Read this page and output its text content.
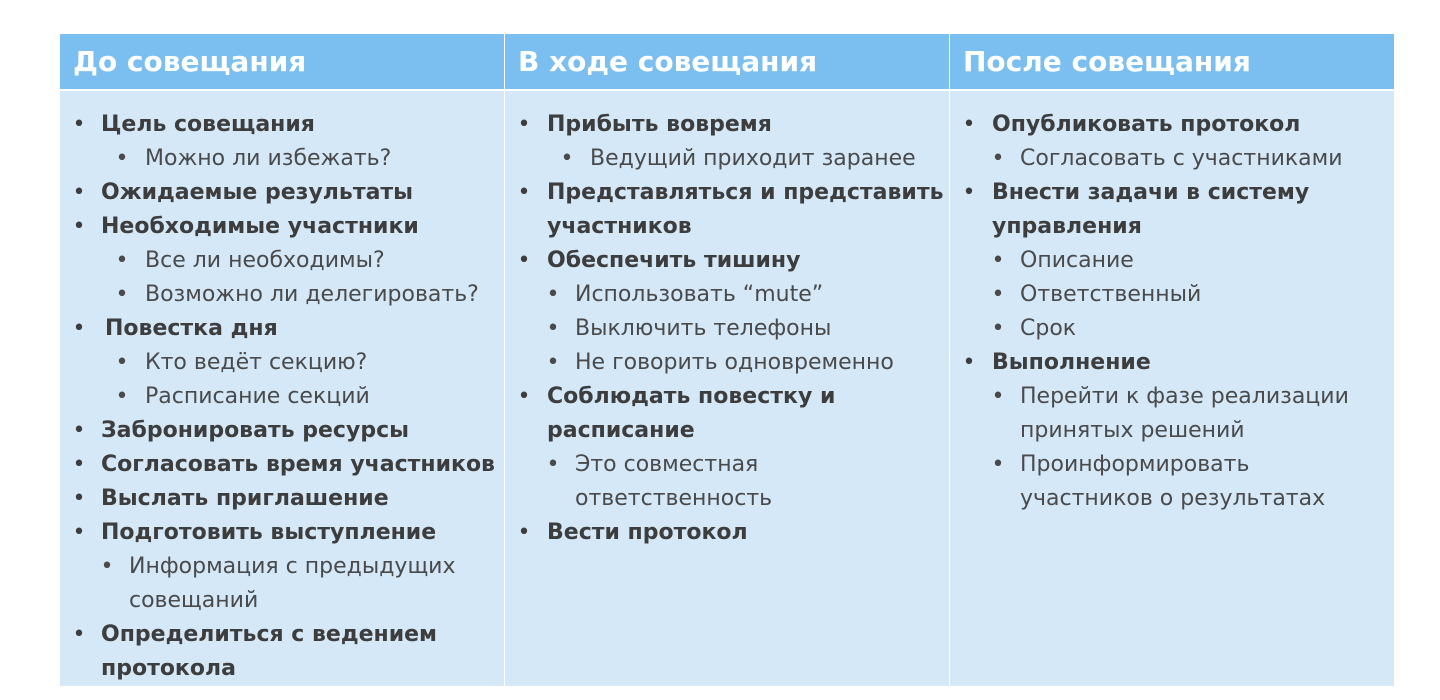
До совещания	В ходе совещания	После совещания
• Цель совещания
• Можно ли избежать?
• Ожидаемые результаты
• Необходимые участники
• Все ли необходимы?
• Возможно ли делегировать?
• Повестка дня
• Кто ведёт секцию?
• Расписание секций
• Забронировать ресурсы
• Согласовать время участников
• Выслать приглашение
• Подготовить выступление
• Информация с предыдущих
совещаний
• Определиться с ведением
протокола
• Прибыть вовремя
• Ведущий приходит заранее
• Представляться и представить
участников
• Обеспечить тишину
• Использовать “mute”
• Выключить телефоны
• Не говорить одновременно
• Соблюдать повестку и
расписание
• Это совместная
ответственность
• Вести протокол
• Опубликовать протокол
• Согласовать с участниками
• Внести задачи в систему
управления
• Описание
• Ответственный
• Срок
• Выполнение
• Перейти к фазе реализации
принятых решений
• Проинформировать
участников о результатах
